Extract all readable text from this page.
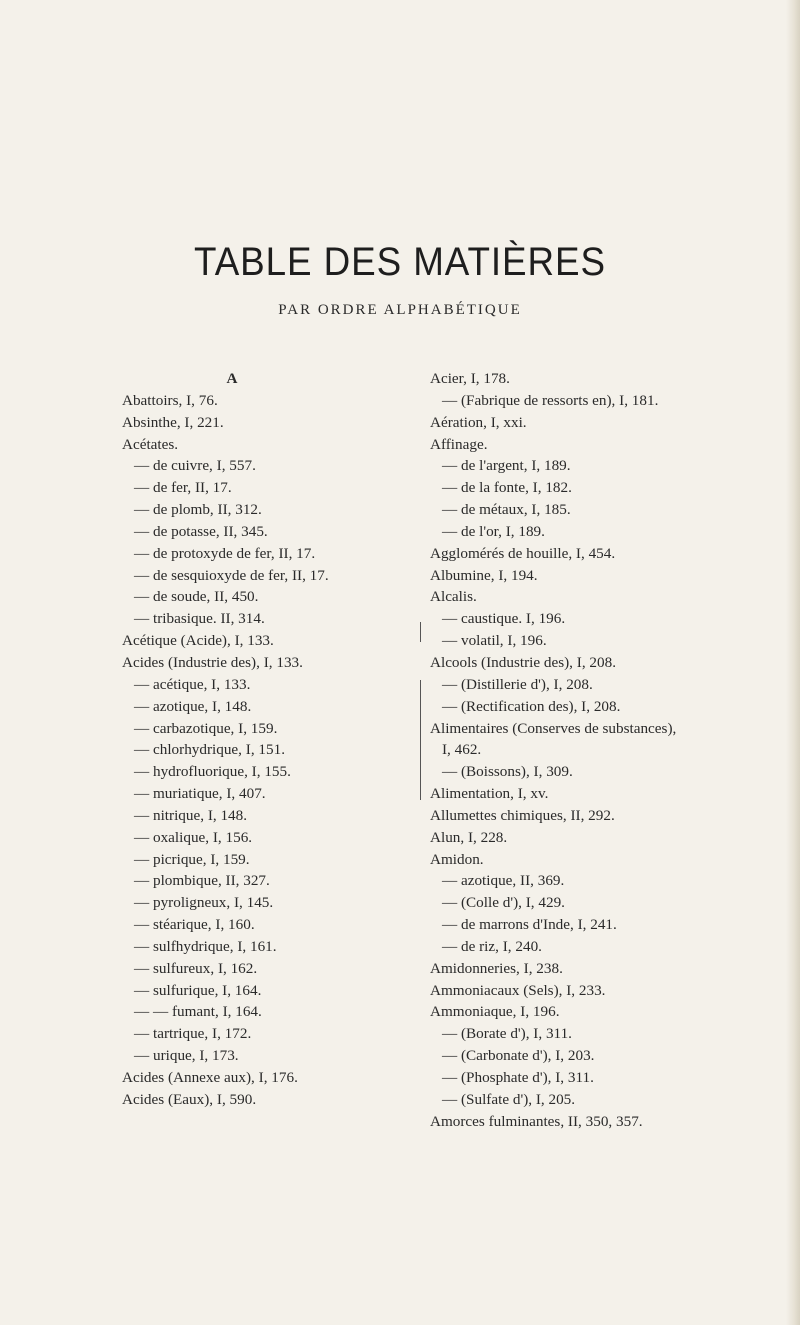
TABLE DES MATIÈRES
PAR ORDRE ALPHABÉTIQUE
A
Abattoirs, I, 76.
Absinthe, I, 221.
Acétates.
— de cuivre, I, 557.
— de fer, II, 17.
— de plomb, II, 312.
— de potasse, II, 345.
— de protoxyde de fer, II, 17.
— de sesquioxyde de fer, II, 17.
— de soude, II, 450.
— tribasique. II, 314.
Acétique (Acide), I, 133.
Acides (Industrie des), I, 133.
— acétique, I, 133.
— azotique, I, 148.
— carbazotique, I, 159.
— chlorhydrique, I, 151.
— hydrofluorique, I, 155.
— muriatique, I, 407.
— nitrique, I, 148.
— oxalique, I, 156.
— picrique, I, 159.
— plombique, II, 327.
— pyroligneux, I, 145.
— stéarique, I, 160.
— sulfhydrique, I, 161.
— sulfureux, I, 162.
— sulfurique, I, 164.
— — fumant, I, 164.
— tartrique, I, 172.
— urique, I, 173.
Acides (Annexe aux), I, 176.
Acides (Eaux), I, 590.
Acier, I, 178.
— (Fabrique de ressorts en), I, 181.
Aération, I, xxi.
Affinage.
— de l'argent, I, 189.
— de la fonte, I, 182.
— de métaux, I, 185.
— de l'or, I, 189.
Agglomérés de houille, I, 454.
Albumine, I, 194.
Alcalis.
— caustique. I, 196.
— volatil, I, 196.
Alcools (Industrie des), I, 208.
— (Distillerie d'), I, 208.
— (Rectification des), I, 208.
Alimentaires (Conserves de substances),
I, 462.
— (Boissons), I, 309.
Alimentation, I, xv.
Allumettes chimiques, II, 292.
Alun, I, 228.
Amidon.
— azotique, II, 369.
— (Colle d'), I, 429.
— de marrons d'Inde, I, 241.
— de riz, I, 240.
Amidonneries, I, 238.
Ammoniacaux (Sels), I, 233.
Ammoniaque, I, 196.
— (Borate d'), I, 311.
— (Carbonate d'), I, 203.
— (Phosphate d'), I, 311.
— (Sulfate d'), I, 205.
Amorces fulminantes, II, 350, 357.
